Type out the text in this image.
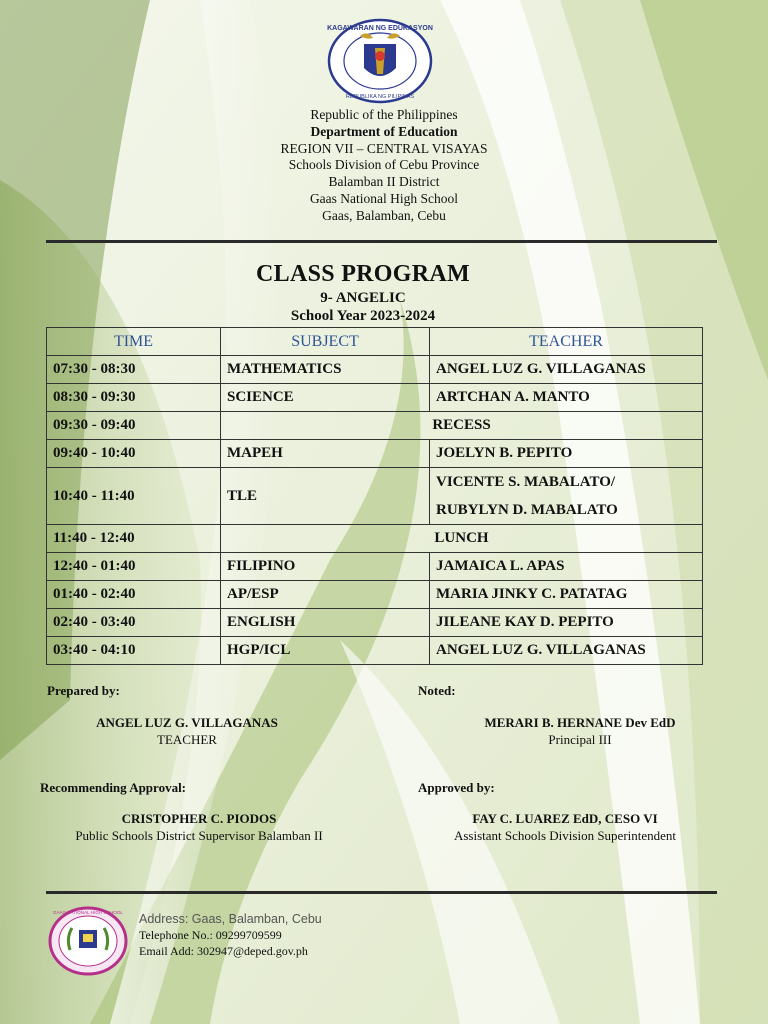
KAGAWARAN NG EDUKASYON
REPUBLIKA NG PILIPINAS
Republic of the Philippines
Department of Education
REGION VII – CENTRAL VISAYAS
Schools Division of Cebu Province
Balamban II District
Gaas National High School
Gaas, Balamban, Cebu
CLASS PROGRAM
9- ANGELIC
School Year 2023-2024
TIME	SUBJECT	TEACHER
07:30 - 08:30	MATHEMATICS	ANGEL LUZ G. VILLAGANAS
08:30 - 09:30	SCIENCE	ARTCHAN A. MANTO
09:30 - 09:40	RECESS	
09:40 - 10:40	MAPEH	JOELYN B. PEPITO
10:40 - 11:40	TLE	VICENTE S. MABALATO/
RUBYLYN D. MABALATO

11:40 - 12:40	LUNCH	
12:40 - 01:40	FILIPINO	JAMAICA L. APAS
01:40 - 02:40	AP/ESP	MARIA JINKY C. PATATAG
02:40 - 03:40	ENGLISH	JILEANE KAY D. PEPITO
03:40 - 04:10	HGP/ICL	ANGEL LUZ G. VILLAGANAS
Prepared by:
ANGEL LUZ G. VILLAGANAS
TEACHER
Noted:
MERARI B. HERNANE Dev EdD
Principal III
Recommending Approval:
CRISTOPHER C. PIODOS
Public Schools District Supervisor Balamban II
Approved by:
FAY C. LUAREZ EdD, CESO VI
Assistant Schools Division Superintendent
GAAS NATIONAL HIGH SCHOOL Address: Gaas, Balamban, Cebu
Telephone No.: 09299709599
Email Add: 302947@deped.gov.ph
